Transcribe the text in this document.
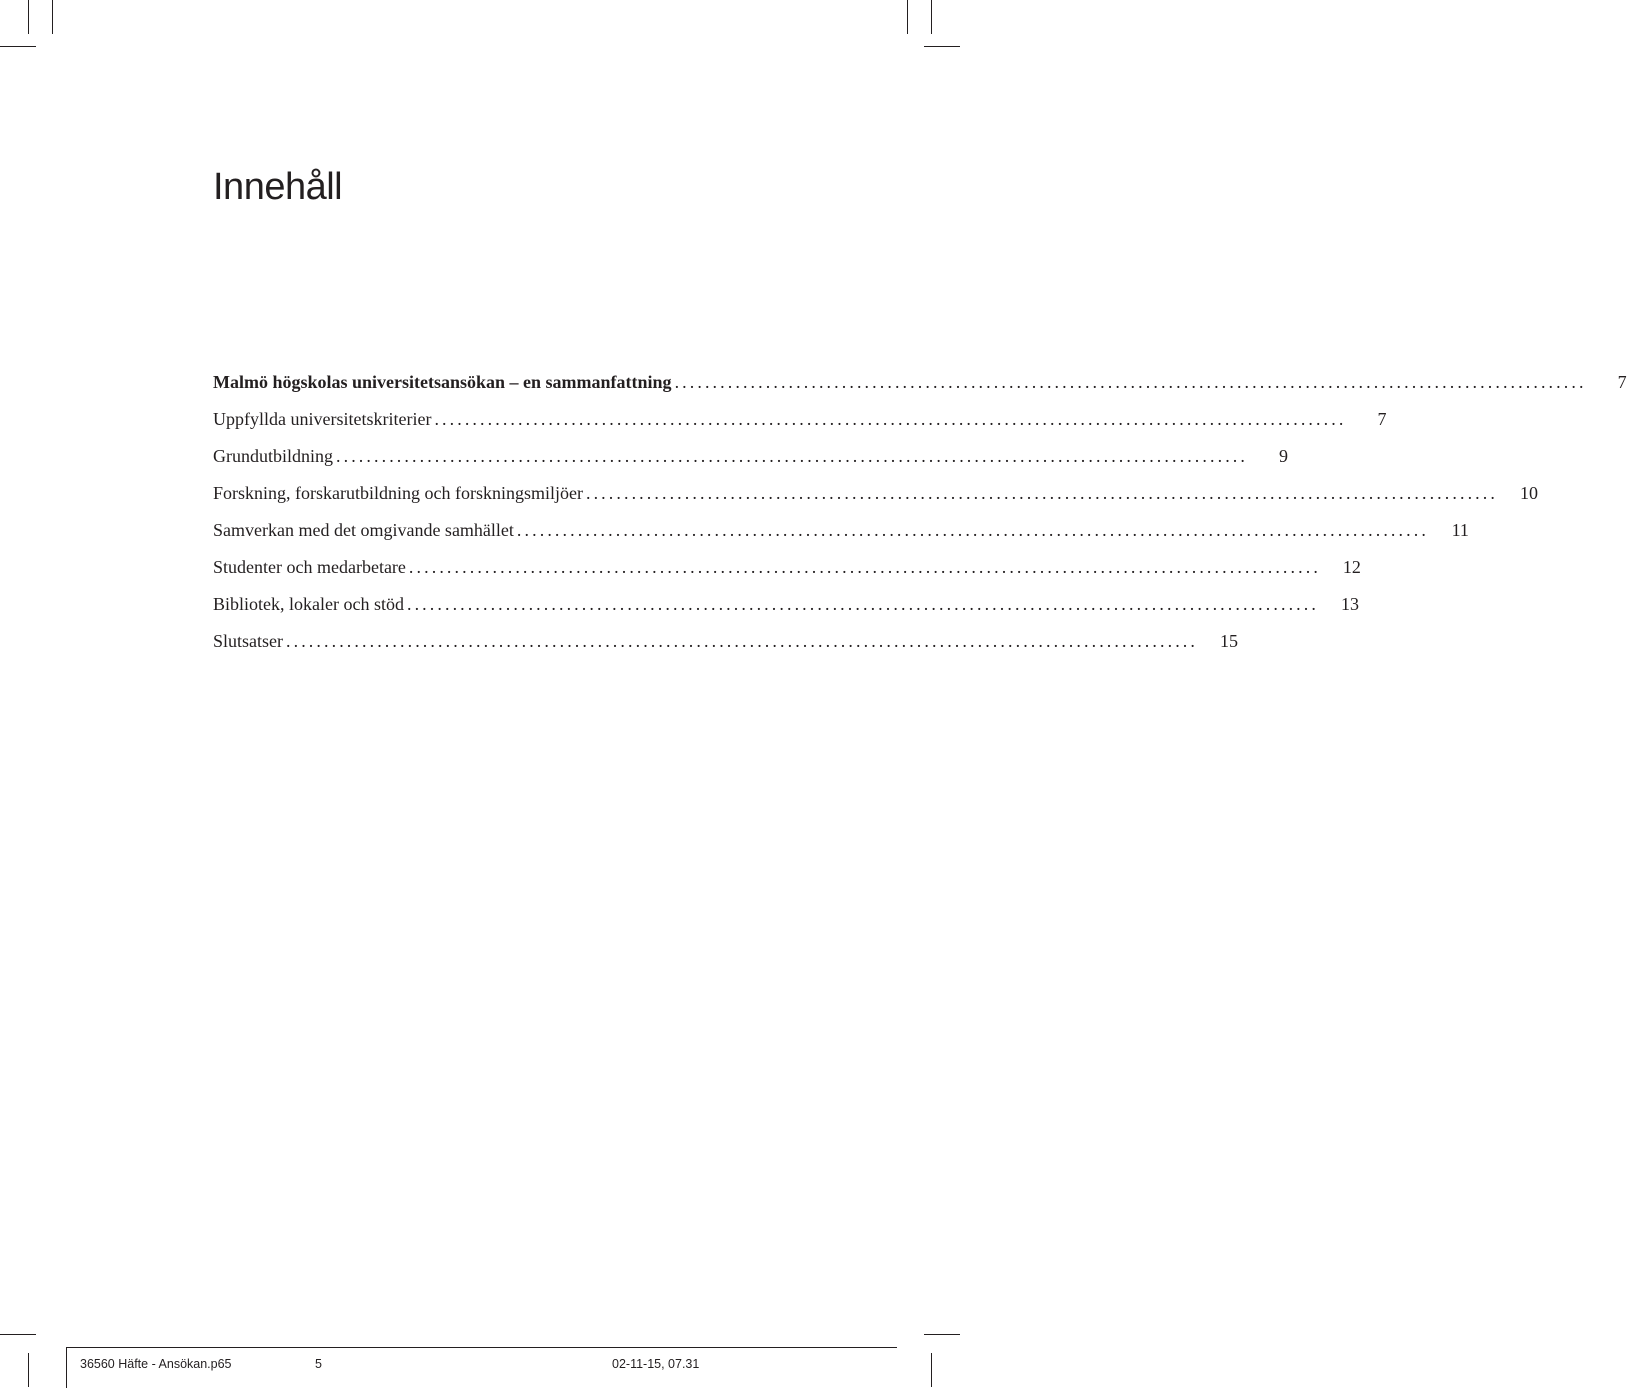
Innehåll
Malmö högskolas universitetsansökan – en sammanfattning ........................................................................................................................	7
Uppfyllda universitetskriterier ........................................................................................................................	7
Grundutbildning ........................................................................................................................	9
Forskning, forskarutbildning och forskningsmiljöer ........................................................................................................................	10
Samverkan med det omgivande samhället ........................................................................................................................	11
Studenter och medarbetare ........................................................................................................................	12
Bibliotek, lokaler och stöd ........................................................................................................................	13
Slutsatser ........................................................................................................................	15
36560 Häfte - Ansökan.p65	5	02-11-15, 07.31
